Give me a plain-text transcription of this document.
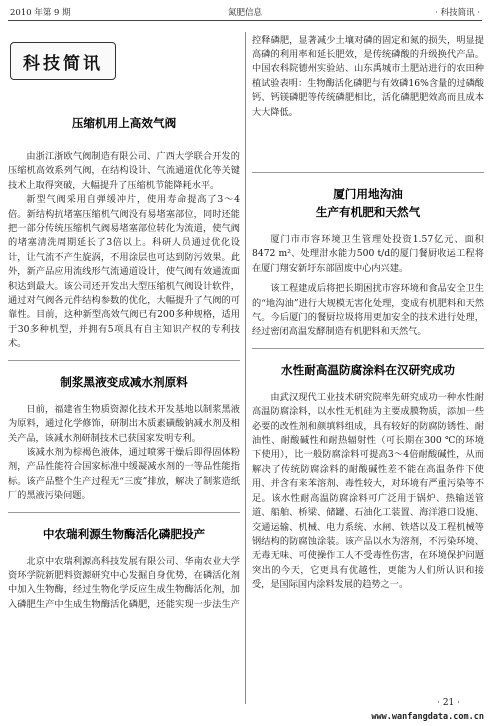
2010 年第 9 期	氮肥信息	· 科技简讯 ·
科技简讯
压缩机用上高效气阀

由浙江浙欧气阀制造有限公司、广西大学联合开发的压缩机高效系列气阀，在结构设计、气流通道优化等关键技术上取得突破，大幅提升了压缩机节能降耗水平。

新型气阀采用自弹缓冲片，使用寿命提高了3～4倍。新结构抗堵塞压缩机气阀没有易堵塞部位，同时还能把一部分传统压缩机气阀易堵塞部位转化为流道，使气阀的堵塞清洗周期延长了3倍以上。科研人员通过优化设计，让气流不产生旋涡，不用涂层也可达到防污效果。此外，新产品应用流线形气流通道设计，使气阀有效通流面积达到最大。该公司还开发出大型压缩机气阀设计软件，通过对气阀各元件结构参数的优化，大幅提升了气阀的可靠性。目前，这种新型高效气阀已有200多种规格，适用于30多种机型，并拥有5项具有自主知识产权的专利技术。

制浆黑液变成减水剂原料

日前，福建省生物质资源化技术开发基地以制浆黑液为原料，通过化学修饰，研制出木质素磺酸钠减水剂及相关产品，该减水剂研制技术已获国家发明专利。

该减水剂为棕褐色液体，通过喷雾干燥后即得固体粉剂，产品性能符合国家标准中缓凝减水剂的一等品性能指标。该产品整个生产过程无“三废”排放，解决了制浆造纸厂的黑液污染问题。

中农瑞利源生物酶活化磷肥投产

北京中农瑞利源高科技发展有限公司、华南农业大学资环学院新肥料资源研究中心发掘自身优势，在磷活化剂中加入生物酶，经过生物化学反应生成生物酶活化剂，加入磷肥生产中生成生物酶活化磷肥，还能实现一步法生产

控释磷肥，显著减少土壤对磷的固定和氮的损失，明显提高磷的利用率和延长肥效，是传统磷酸的升级换代产品。中国农科院德州实验站、山东禹城市土肥站进行的农田种植试验表明：生物酶活化磷肥与有效磷16%含量的过磷酸钙、钙镁磷肥等传统磷肥相比，活化磷肥肥效高而且成本大大降低。

厦门用地沟油
生产有机肥和天然气

厦门市市容环境卫生管理处投资1.57亿元、面积8472 m²、处理泔水能力500 t/d的厦门餐厨收运工程将在厦门翔安新圩东部固废中心内兴建。

该工程建成后将把长期困扰市容环境和食品安全卫生的“地沟油”进行大规模无害化处理，变成有机肥料和天然气。今后厦门的餐厨垃圾将用更加安全的技术进行处理，经过密闭高温发酵制造有机肥料和天然气。

水性耐高温防腐涂料在汉研究成功

由武汉现代工业技术研究院率先研究成功一种水性耐高温防腐涂料，以水性无机硅为主要成膜物质，添加一些必要的改性剂和颜填料组成，具有较好的防腐防锈性、耐油性、耐酸碱性和耐热辐射性（可长期在300 ℃的环境下使用），比一般防腐涂料可提高3～4倍耐酸碱性，从而解决了传统防腐涂料的耐酸碱性差不能在高温条件下使用、并含有来苯溶剂、毒性较大，对环境有严重污染等不足。该水性耐高温防腐涂料可广泛用于锅炉、热输送管道、船舶、桥梁、储罐、石油化工装置、海洋港口设施、交通运输、机械、电力系统、水闸、铁塔以及工程机械等钢结构的防腐蚀涂装。该产品以水为溶剂，不污染环境、无毒无味、可使操作工人不受毒性伤害，在环境保护问题突出的今天，它更具有优越性，更能为人们所认识和接受，是国际国内涂料发展的趋势之一。

· 21 ·
www.wanfangdata.com.cn
